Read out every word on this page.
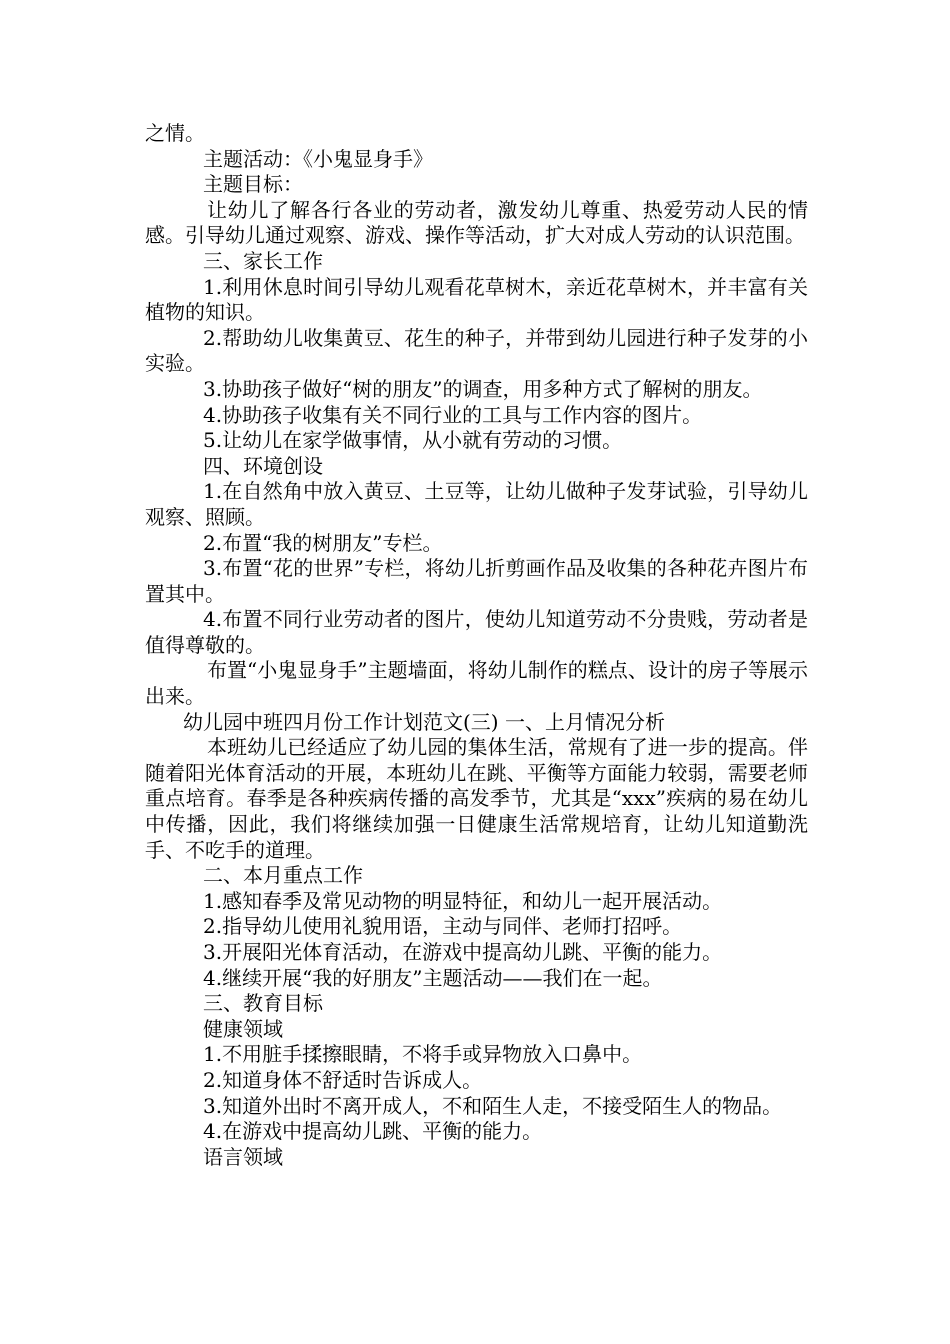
之情。

主题活动：《小鬼显身手》

主题目标：

让幼儿了解各行各业的劳动者，激发幼儿尊重、热爱劳动人民的情感。引导幼儿通过观察、游戏、操作等活动，扩大对成人劳动的认识范围。

三、家长工作

1.利用休息时间引导幼儿观看花草树木，亲近花草树木，并丰富有关植物的知识。

2.帮助幼儿收集黄豆、花生的种子，并带到幼儿园进行种子发芽的小实验。

3.协助孩子做好“树的朋友”的调查，用多种方式了解树的朋友。

4.协助孩子收集有关不同行业的工具与工作内容的图片。

5.让幼儿在家学做事情，从小就有劳动的习惯。

四、环境创设

1.在自然角中放入黄豆、土豆等，让幼儿做种子发芽试验，引导幼儿观察、照顾。

2.布置“我的树朋友”专栏。

3.布置“花的世界”专栏，将幼儿折剪画作品及收集的各种花卉图片布置其中。

4.布置不同行业劳动者的图片，使幼儿知道劳动不分贵贱，劳动者是值得尊敬的。

布置“小鬼显身手”主题墙面，将幼儿制作的糕点、设计的房子等展示出来。

幼儿园中班四月份工作计划范文(三) 一、上月情况分析

本班幼儿已经适应了幼儿园的集体生活，常规有了进一步的提高。伴随着阳光体育活动的开展，本班幼儿在跳、平衡等方面能力较弱，需要老师重点培育。春季是各种疾病传播的高发季节，尤其是“xxx”疾病的易在幼儿中传播，因此，我们将继续加强一日健康生活常规培育，让幼儿知道勤洗手、不吃手的道理。

二、本月重点工作

1.感知春季及常见动物的明显特征，和幼儿一起开展活动。

2.指导幼儿使用礼貌用语，主动与同伴、老师打招呼。

3.开展阳光体育活动，在游戏中提高幼儿跳、平衡的能力。

4.继续开展“我的好朋友”主题活动——我们在一起。

三、教育目标

健康领域

1.不用脏手揉擦眼睛，不将手或异物放入口鼻中。

2.知道身体不舒适时告诉成人。

3.知道外出时不离开成人，不和陌生人走，不接受陌生人的物品。

4.在游戏中提高幼儿跳、平衡的能力。

语言领域
